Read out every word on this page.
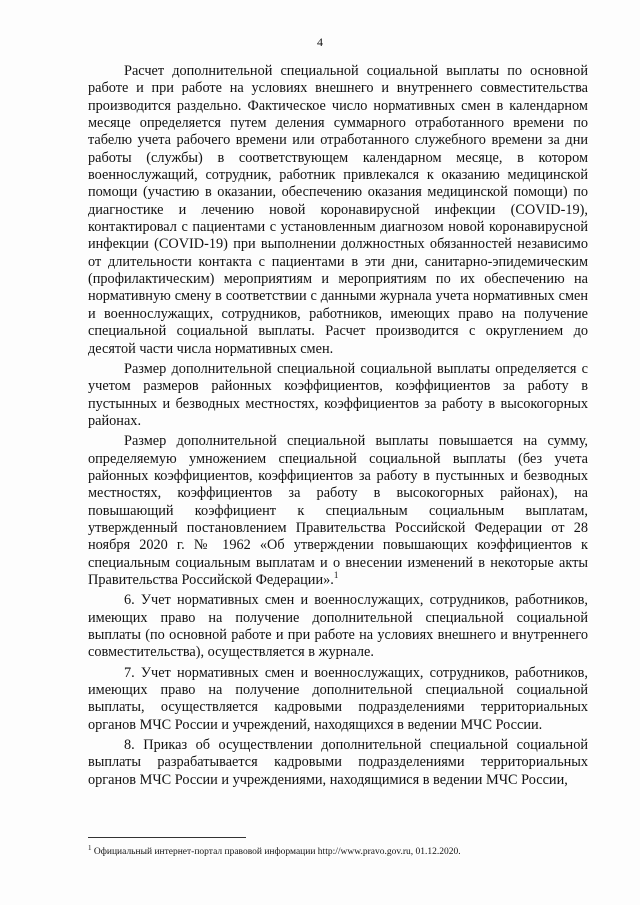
4

Расчет дополнительной специальной социальной выплаты по основной работе и при работе на условиях внешнего и внутреннего совместительства производится раздельно. Фактическое число нормативных смен в календарном месяце определяется путем деления суммарного отработанного времени по табелю учета рабочего времени или отработанного служебного времени за дни работы (службы) в соответствующем календарном месяце, в котором военнослужащий, сотрудник, работник привлекался к оказанию медицинской помощи (участию в оказании, обеспечению оказания медицинской помощи) по диагностике и лечению новой коронавирусной инфекции (COVID-19), контактировал с пациентами с установленным диагнозом новой коронавирусной инфекции (COVID-19) при выполнении должностных обязанностей независимо от длительности контакта с пациентами в эти дни, санитарно-эпидемическим (профилактическим) мероприятиям и мероприятиям по их обеспечению на нормативную смену в соответствии с данными журнала учета нормативных смен и военнослужащих, сотрудников, работников, имеющих право на получение специальной социальной выплаты. Расчет производится с округлением до десятой части числа нормативных смен.

Размер дополнительной специальной социальной выплаты определяется с учетом размеров районных коэффициентов, коэффициентов за работу в пустынных и безводных местностях, коэффициентов за работу в высокогорных районах.

Размер дополнительной специальной выплаты повышается на сумму, определяемую умножением специальной социальной выплаты (без учета районных коэффициентов, коэффициентов за работу в пустынных и безводных местностях, коэффициентов за работу в высокогорных районах), на повышающий коэффициент к специальным социальным выплатам, утвержденный постановлением Правительства Российской Федерации от 28 ноября 2020 г. № 1962 «Об утверждении повышающих коэффициентов к специальным социальным выплатам и о внесении изменений в некоторые акты Правительства Российской Федерации».$^1$

6. Учет нормативных смен и военнослужащих, сотрудников, работников, имеющих право на получение дополнительной специальной социальной выплаты (по основной работе и при работе на условиях внешнего и внутреннего совместительства), осуществляется в журнале.

7. Учет нормативных смен и военнослужащих, сотрудников, работников, имеющих право на получение дополнительной специальной социальной выплаты, осуществляется кадровыми подразделениями территориальных органов МЧС России и учреждений, находящихся в ведении МЧС России.

8. Приказ об осуществлении дополнительной специальной социальной выплаты разрабатывается кадровыми подразделениями территориальных органов МЧС России и учреждениями, находящимися в ведении МЧС России,

$^1$ Официальный интернет-портал правовой информации http://www.pravo.gov.ru, 01.12.2020.
